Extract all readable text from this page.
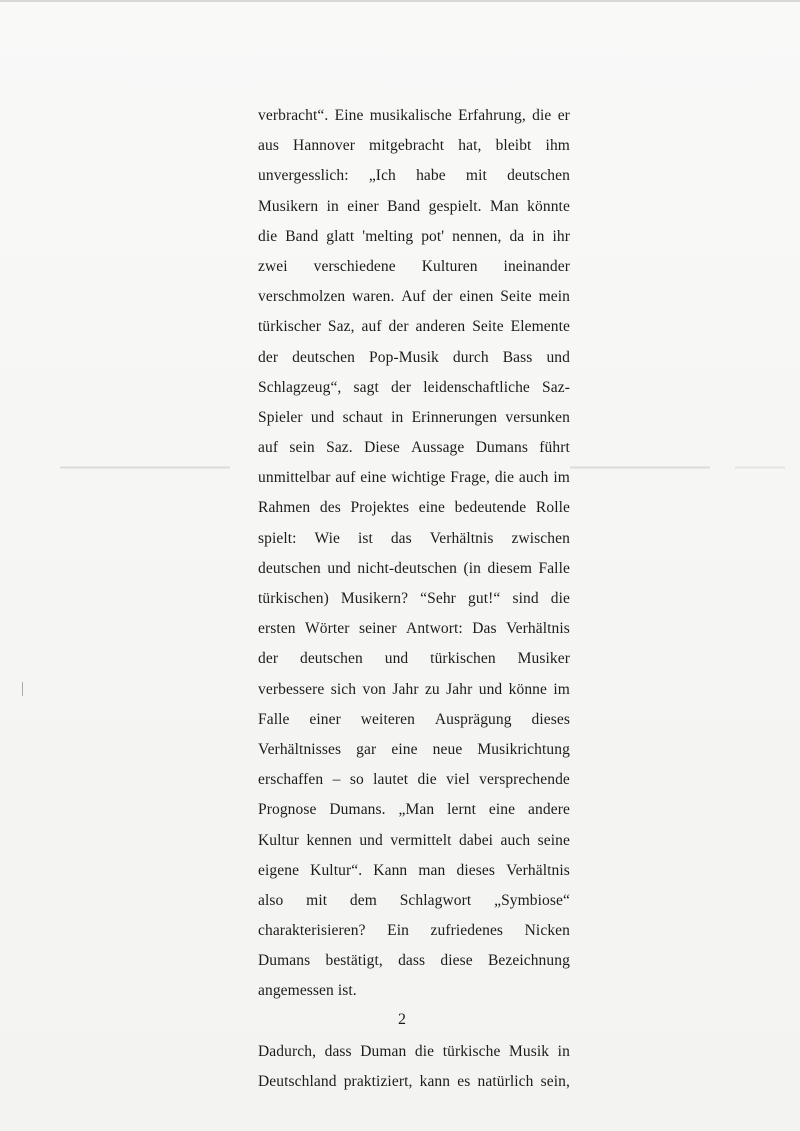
verbracht“. Eine musikalische Erfahrung, die er
aus Hannover mitgebracht hat, bleibt ihm
unvergesslich: „Ich habe mit deutschen
Musikern in einer Band gespielt. Man könnte
die Band glatt 'melting pot' nennen, da in ihr
zwei verschiedene Kulturen ineinander
verschmolzen waren. Auf der einen Seite mein
türkischer Saz, auf der anderen Seite Elemente
der deutschen Pop-Musik durch Bass und
Schlagzeug“, sagt der leidenschaftliche Saz-
Spieler und schaut in Erinnerungen versunken
auf sein Saz. Diese Aussage Dumans führt
unmittelbar auf eine wichtige Frage, die auch im
Rahmen des Projektes eine bedeutende Rolle
spielt: Wie ist das Verhältnis zwischen
deutschen und nicht-deutschen (in diesem Falle
türkischen) Musikern? “Sehr gut!“ sind die
ersten Wörter seiner Antwort: Das Verhältnis
der deutschen und türkischen Musiker
verbessere sich von Jahr zu Jahr und könne im
Falle einer weiteren Ausprägung dieses
Verhältnisses gar eine neue Musikrichtung
erschaffen – so lautet die viel versprechende
Prognose Dumans. „Man lernt eine andere
Kultur kennen und vermittelt dabei auch seine
eigene Kultur“. Kann man dieses Verhältnis
also mit dem Schlagwort „Symbiose“
charakterisieren? Ein zufriedenes Nicken
Dumans bestätigt, dass diese Bezeichnung
angemessen ist.
Dadurch, dass Duman die türkische Musik in
Deutschland praktiziert, kann es natürlich sein,
2
